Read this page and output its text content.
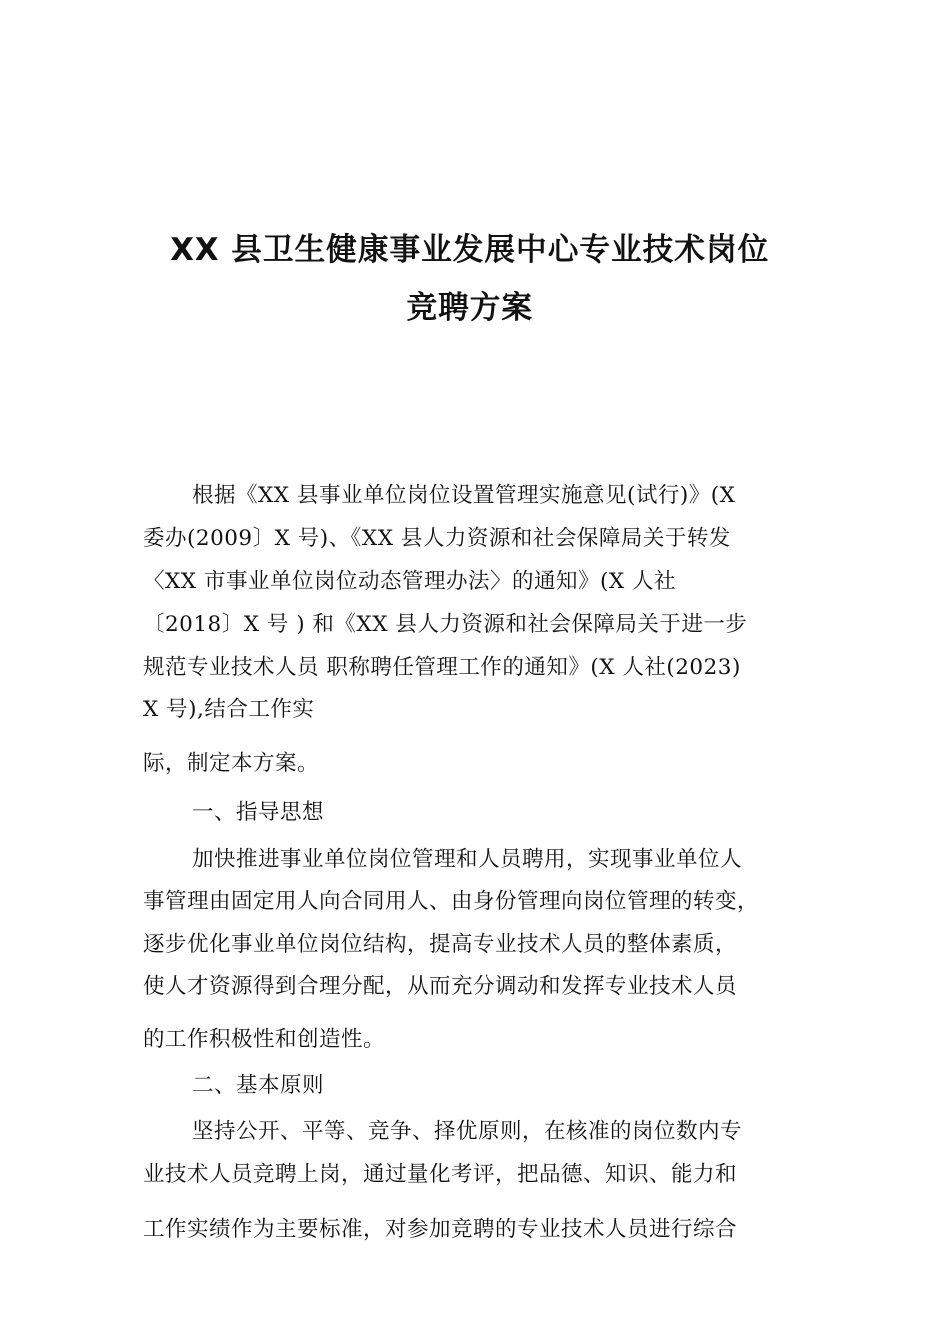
XX 县卫生健康事业发展中心专业技术岗位
竞聘方案
根据《XX 县事业单位岗位设置管理实施意见(试行)》(X
委办(2009〕X 号)、《XX 县人力资源和社会保障局关于转发
〈XX 市事业单位岗位动态管理办法〉的通知》(X 人社
〔2018〕X 号 ) 和《XX 县人力资源和社会保障局关于进一步
规范专业技术人员 职称聘任管理工作的通知》(X 人社(2023)
X 号),结合工作实
际，制定本方案。
一、指导思想
加快推进事业单位岗位管理和人员聘用，实现事业单位人
事管理由固定用人向合同用人、由身份管理向岗位管理的转变，
逐步优化事业单位岗位结构，提高专业技术人员的整体素质，
使人才资源得到合理分配，从而充分调动和发挥专业技术人员
的工作积极性和创造性。
二、基本原则
坚持公开、平等、竞争、择优原则，在核准的岗位数内专
业技术人员竞聘上岗，通过量化考评，把品德、知识、能力和
工作实绩作为主要标准，对参加竞聘的专业技术人员进行综合
